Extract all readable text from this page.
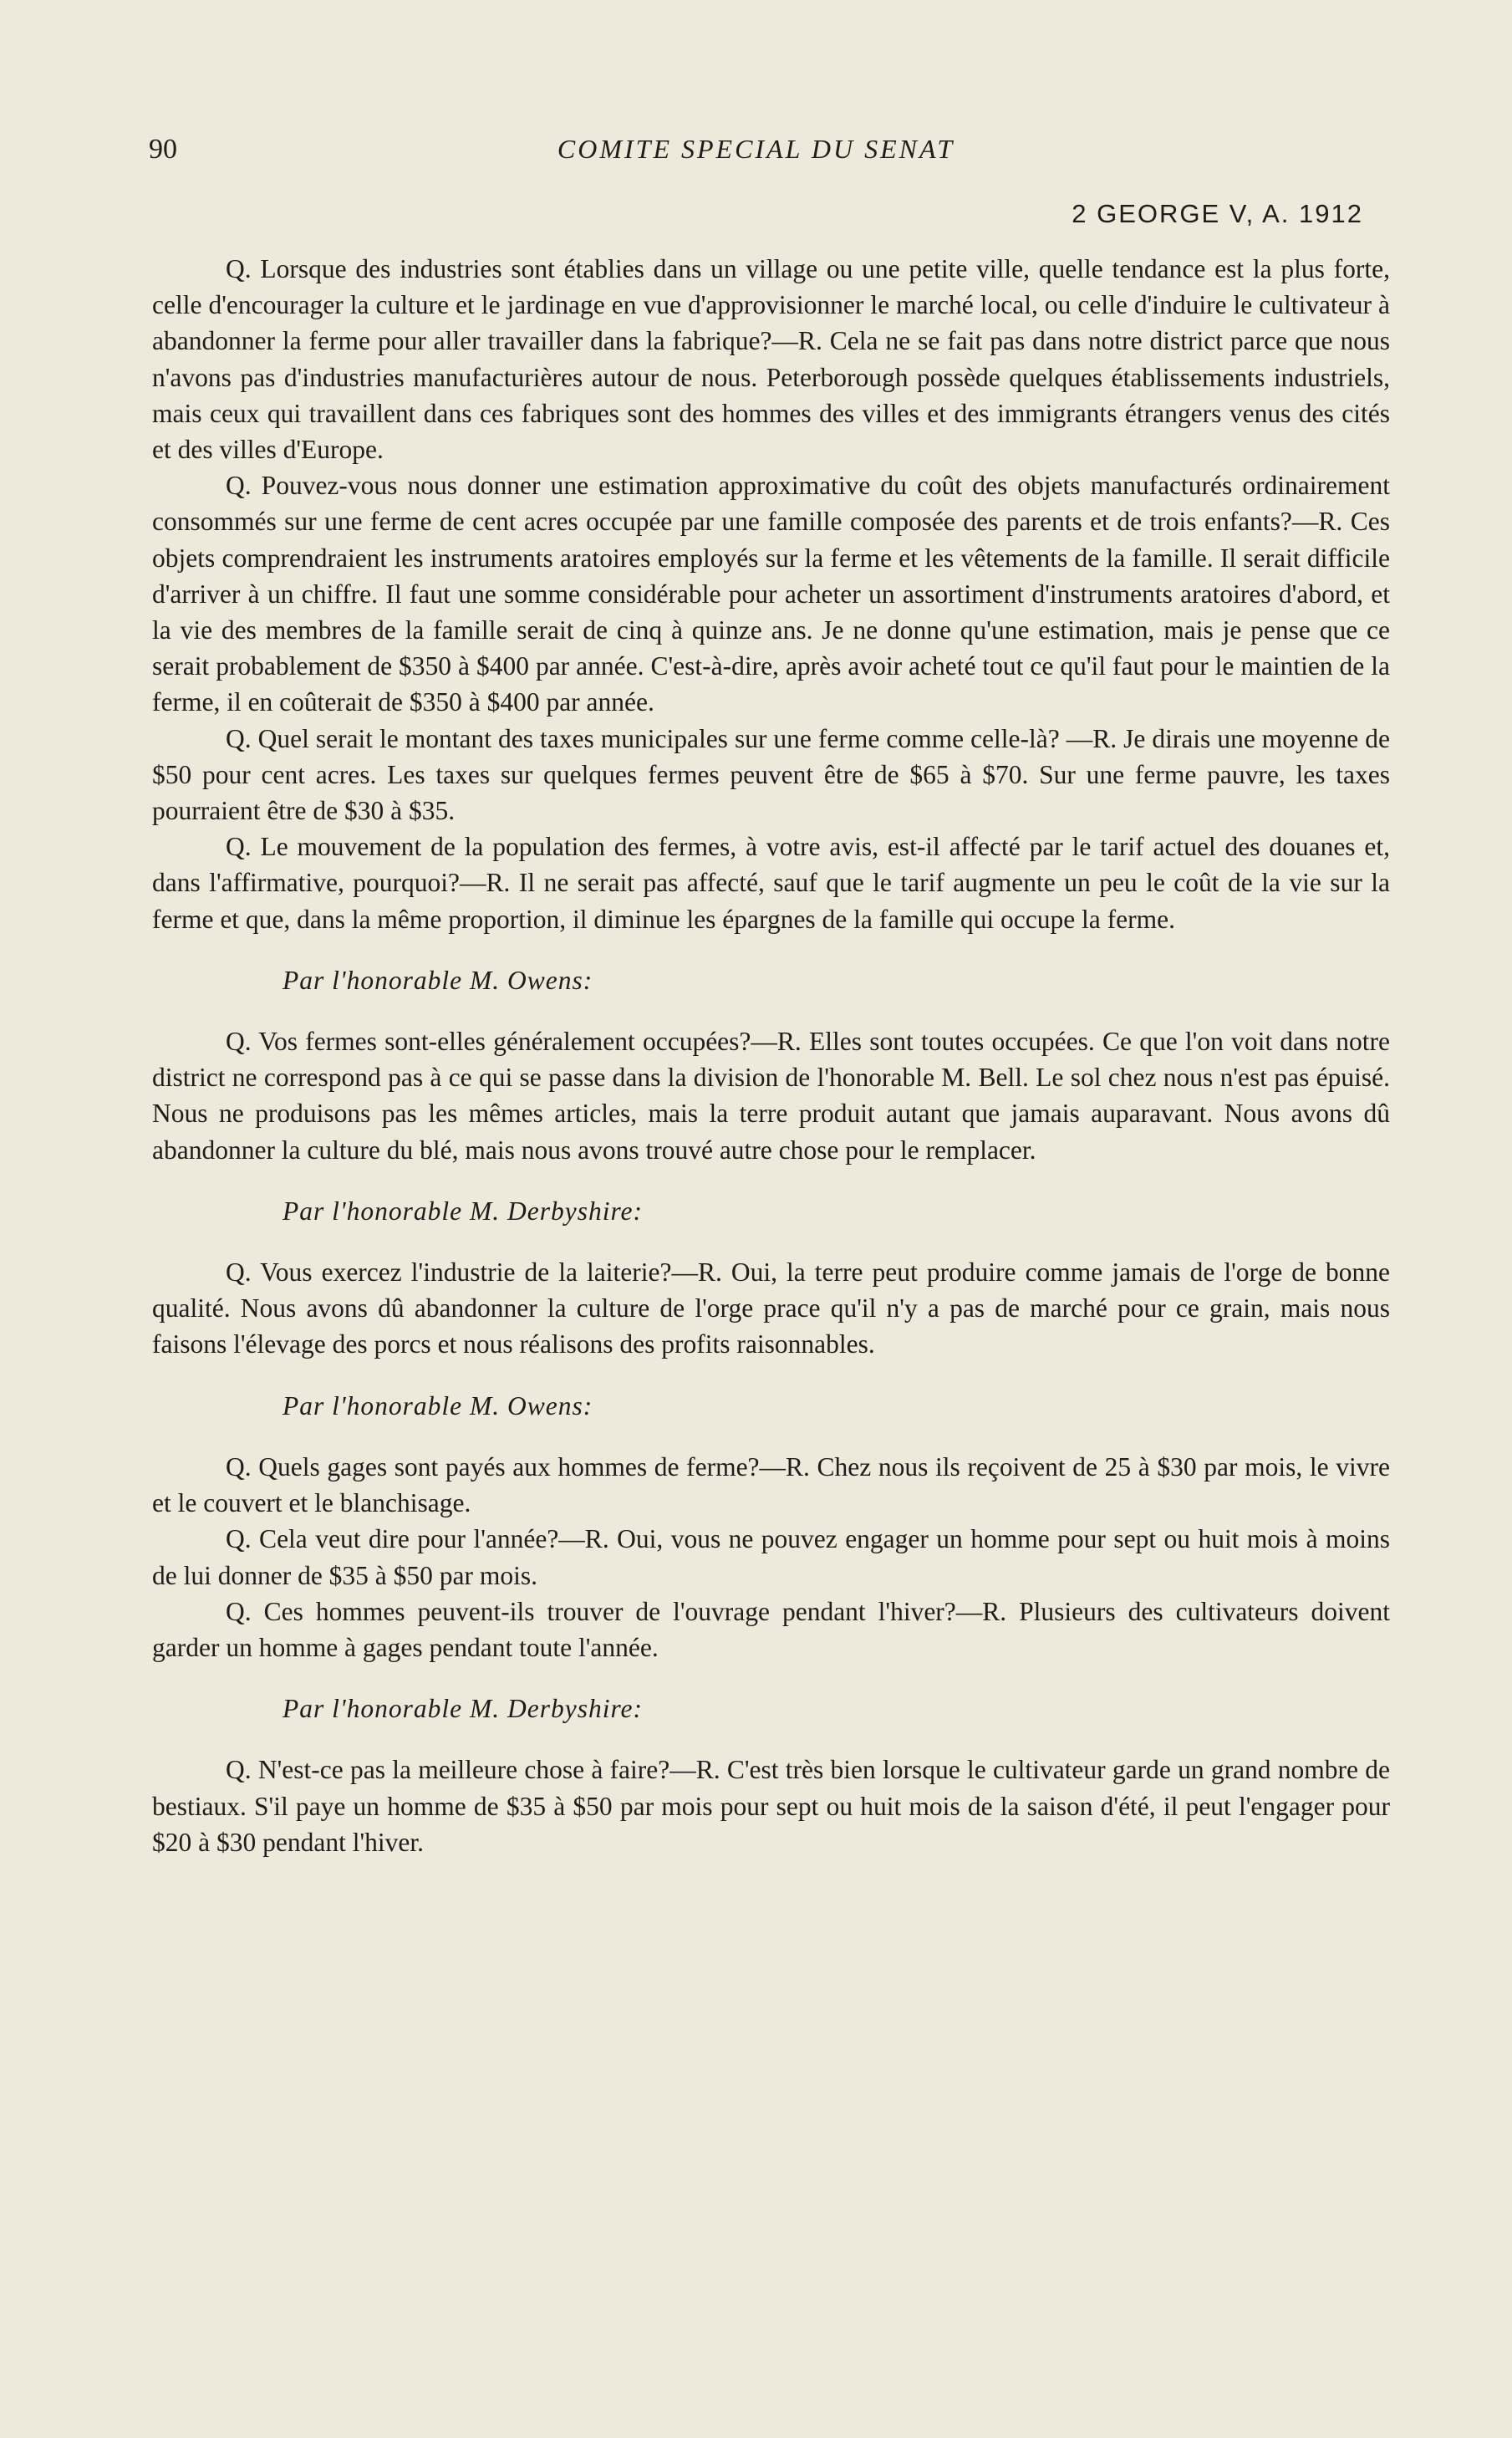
90	COMITE SPECIAL DU SENAT
2 GEORGE V, A. 1912

Q. Lorsque des industries sont établies dans un village ou une petite ville, quelle tendance est la plus forte, celle d'encourager la culture et le jardinage en vue d'approvisionner le marché local, ou celle d'induire le cultivateur à abandonner la ferme pour aller travailler dans la fabrique?—R. Cela ne se fait pas dans notre district parce que nous n'avons pas d'industries manufacturières autour de nous. Peterborough possède quelques établissements industriels, mais ceux qui travaillent dans ces fabriques sont des hommes des villes et des immigrants étrangers venus des cités et des villes d'Europe.

Q. Pouvez-vous nous donner une estimation approximative du coût des objets manufacturés ordinairement consommés sur une ferme de cent acres occupée par une famille composée des parents et de trois enfants?—R. Ces objets comprendraient les instruments aratoires employés sur la ferme et les vêtements de la famille. Il serait difficile d'arriver à un chiffre. Il faut une somme considérable pour acheter un assortiment d'instruments aratoires d'abord, et la vie des membres de la famille serait de cinq à quinze ans. Je ne donne qu'une estimation, mais je pense que ce serait probablement de $350 à $400 par année. C'est-à-dire, après avoir acheté tout ce qu'il faut pour le maintien de la ferme, il en coûterait de $350 à $400 par année.

Q. Quel serait le montant des taxes municipales sur une ferme comme celle-là? —R. Je dirais une moyenne de $50 pour cent acres. Les taxes sur quelques fermes peuvent être de $65 à $70. Sur une ferme pauvre, les taxes pourraient être de $30 à $35.

Q. Le mouvement de la population des fermes, à votre avis, est-il affecté par le tarif actuel des douanes et, dans l'affirmative, pourquoi?—R. Il ne serait pas affecté, sauf que le tarif augmente un peu le coût de la vie sur la ferme et que, dans la même proportion, il diminue les épargnes de la famille qui occupe la ferme.

Par l'honorable M. Owens:

Q. Vos fermes sont-elles généralement occupées?—R. Elles sont toutes occupées. Ce que l'on voit dans notre district ne correspond pas à ce qui se passe dans la division de l'honorable M. Bell. Le sol chez nous n'est pas épuisé. Nous ne produisons pas les mêmes articles, mais la terre produit autant que jamais auparavant. Nous avons dû abandonner la culture du blé, mais nous avons trouvé autre chose pour le remplacer.

Par l'honorable M. Derbyshire:

Q. Vous exercez l'industrie de la laiterie?—R. Oui, la terre peut produire comme jamais de l'orge de bonne qualité. Nous avons dû abandonner la culture de l'orge prace qu'il n'y a pas de marché pour ce grain, mais nous faisons l'élevage des porcs et nous réalisons des profits raisonnables.

Par l'honorable M. Owens:

Q. Quels gages sont payés aux hommes de ferme?—R. Chez nous ils reçoivent de 25 à $30 par mois, le vivre et le couvert et le blanchisage.

Q. Cela veut dire pour l'année?—R. Oui, vous ne pouvez engager un homme pour sept ou huit mois à moins de lui donner de $35 à $50 par mois.

Q. Ces hommes peuvent-ils trouver de l'ouvrage pendant l'hiver?—R. Plusieurs des cultivateurs doivent garder un homme à gages pendant toute l'année.

Par l'honorable M. Derbyshire:

Q. N'est-ce pas la meilleure chose à faire?—R. C'est très bien lorsque le cultivateur garde un grand nombre de bestiaux. S'il paye un homme de $35 à $50 par mois pour sept ou huit mois de la saison d'été, il peut l'engager pour $20 à $30 pendant l'hiver.
